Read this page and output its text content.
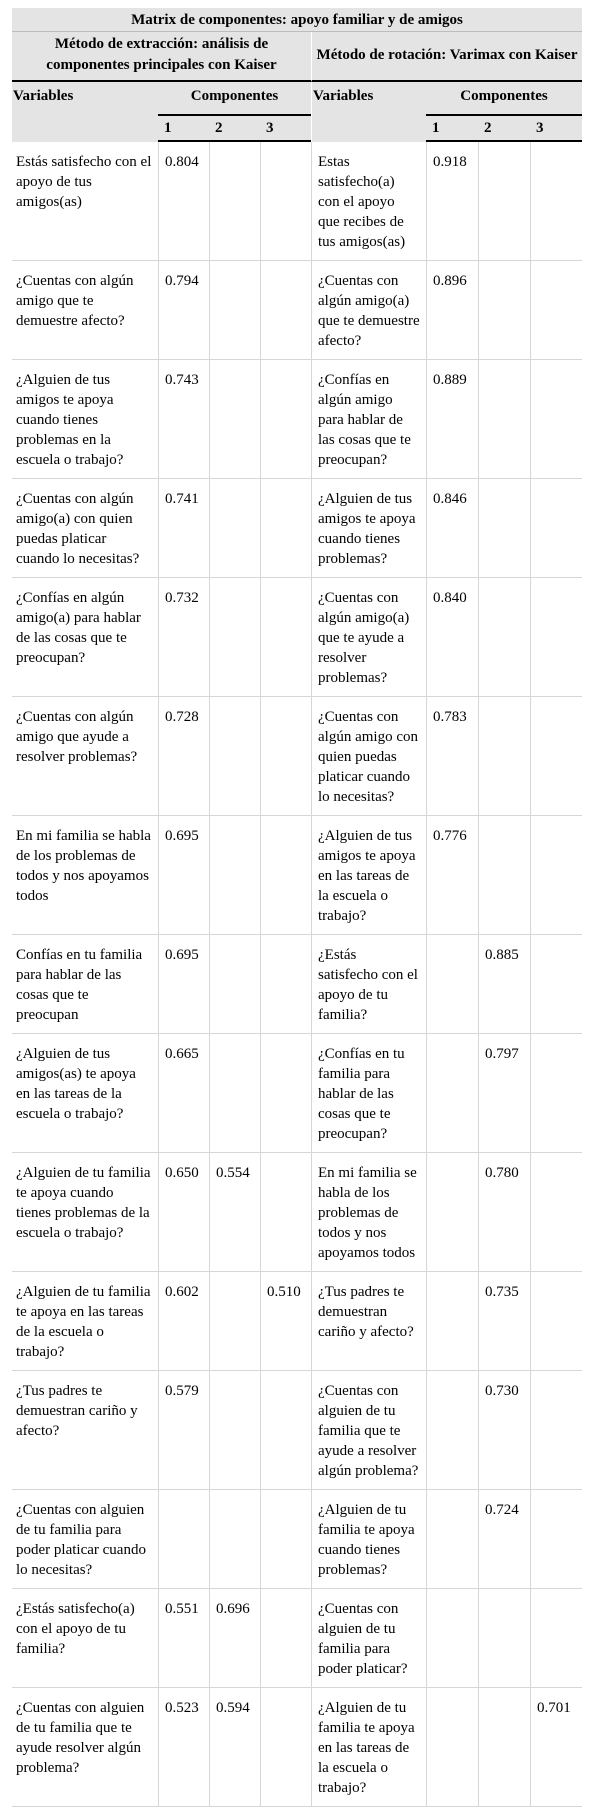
Matrix de componentes: apoyo familiar y de amigos							
Método de extracción: análisis de componentes principales con Kaiser				Método de rotación: Varimax con Kaiser			
Variables	Componentes			Variables	Componentes		
	1	2	3		1	2	3
Estás satisfecho con el apoyo de tus amigos(as)	0.804			Estas satisfecho(a) con el apoyo que recibes de tus amigos(as)	0.918		
¿Cuentas con algún amigo que te demuestre afecto?	0.794			¿Cuentas con algún amigo(a) que te demuestre afecto?	0.896		
¿Alguien de tus amigos te apoya cuando tienes problemas en la escuela o trabajo?	0.743			¿Confías en algún amigo para hablar de las cosas que te preocupan?	0.889		
¿Cuentas con algún amigo(a) con quien puedas platicar cuando lo necesitas?	0.741			¿Alguien de tus amigos te apoya cuando tienes problemas?	0.846		
¿Confías en algún amigo(a) para hablar de las cosas que te preocupan?	0.732			¿Cuentas con algún amigo(a) que te ayude a resolver problemas?	0.840		
¿Cuentas con algún amigo que ayude a resolver problemas?	0.728			¿Cuentas con algún amigo con quien puedas platicar cuando lo necesitas?	0.783		
En mi familia se habla de los problemas de todos y nos apoyamos todos	0.695			¿Alguien de tus amigos te apoya en las tareas de la escuela o trabajo?	0.776		
Confías en tu familia para hablar de las cosas que te preocupan	0.695			¿Estás satisfecho con el apoyo de tu familia?		0.885	
¿Alguien de tus amigos(as) te apoya en las tareas de la escuela o trabajo?	0.665			¿Confías en tu familia para hablar de las cosas que te preocupan?		0.797	
¿Alguien de tu familia te apoya cuando tienes problemas de la escuela o trabajo?	0.650	0.554		En mi familia se habla de los problemas de todos y nos apoyamos todos		0.780	
¿Alguien de tu familia te apoya en las tareas de la escuela o trabajo?	0.602		0.510	¿Tus padres te demuestran cariño y afecto?		0.735	
¿Tus padres te demuestran cariño y afecto?	0.579			¿Cuentas con alguien de tu familia que te ayude a resolver algún problema?		0.730	
¿Cuentas con alguien de tu familia para poder platicar cuando lo necesitas?				¿Alguien de tu familia te apoya cuando tienes problemas?		0.724	
¿Estás satisfecho(a) con el apoyo de tu familia?	0.551	0.696		¿Cuentas con alguien de tu familia para poder platicar?			
¿Cuentas con alguien de tu familia que te ayude resolver algún problema?	0.523	0.594		¿Alguien de tu familia te apoya en las tareas de la escuela o trabajo?			0.701
